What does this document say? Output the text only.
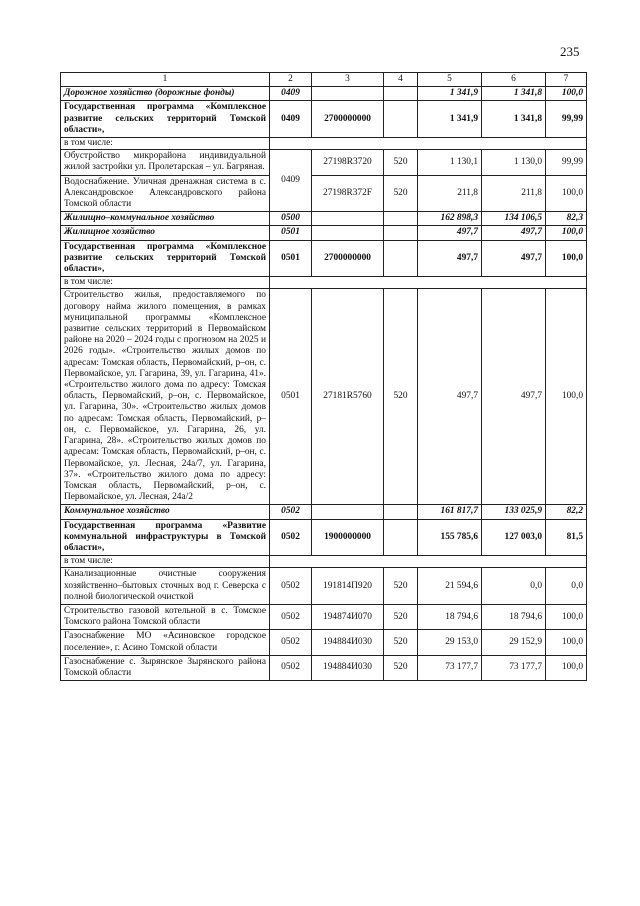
235
1	2	3	4	5	6	7
Дорожное хозяйство (дорожные фонды)	0409			1 341,9	1 341,8	100,0
Государственная программа «Комплексное развитие сельских территорий Томской области»,	0409	2700000000		1 341,9	1 341,8	99,99
в том числе:						
Обустройство микрорайона индивидуальной жилой застройки ул. Пролетарская – ул. Багряная.	0409	27198R3720	520	1 130,1	1 130,0	99,99
Водоснабжение. Уличная дренажная система в с. Александровское Александровского района Томской области		27198R372F	520	211,8	211,8	100,0
Жилищно–коммунальное хозяйство	0500			162 898,3	134 106,5	82,3
Жилищное хозяйство	0501			497,7	497,7	100,0
Государственная программа «Комплексное развитие сельских территорий Томской области»,	0501	2700000000		497,7	497,7	100,0
в том числе:						
Строительство жилья, предоставляемого по договору найма жилого помещения, в рамках муниципальной программы «Комплексное развитие сельских территорий в Первомайском районе на 2020 – 2024 годы с прогнозом на 2025 и 2026 годы». «Строительство жилых домов по адресам: Томская область, Первомайский, р–он, с. Первомайское, ул. Гагарина, 39, ул. Гагарина, 41». «Строительство жилого дома по адресу: Томская область, Первомайский, р–он, с. Первомайское, ул. Гагарина, 30». «Строительство жилых домов по адресам: Томская область, Первомайский, р–он, с. Первомайское, ул. Гагарина, 26, ул. Гагарина, 28». «Строительство жилых домов по адресам: Томская область, Первомайский, р–он, с. Первомайское, ул. Лесная, 24а/7, ул. Гагарина, 37». «Строительство жилого дома по адресу: Томская область, Первомайский, р–он, с. Первомайское, ул. Лесная, 24а/2	0501	27181R5760	520	497,7	497,7	100,0
Коммунальное хозяйство	0502			161 817,7	133 025,9	82,2
Государственная программа «Развитие коммунальной инфраструктуры в Томской области»,	0502	1900000000		155 785,6	127 003,0	81,5
в том числе:						
Канализационные очистные сооружения хозяйственно–бытовых сточных вод г. Северска с полной биологической очисткой	0502	191814П920	520	21 594,6	0,0	0,0
Строительство газовой котельной в с. Томское Томского района Томской области	0502	194874И070	520	18 794,6	18 794,6	100,0
Газоснабжение МО «Асиновское городское поселение», г. Асино Томской области	0502	194884И030	520	29 153,0	29 152,9	100,0
Газоснабжение с. Зырянское Зырянского района Томской области	0502	194884И030	520	73 177,7	73 177,7	100,0
